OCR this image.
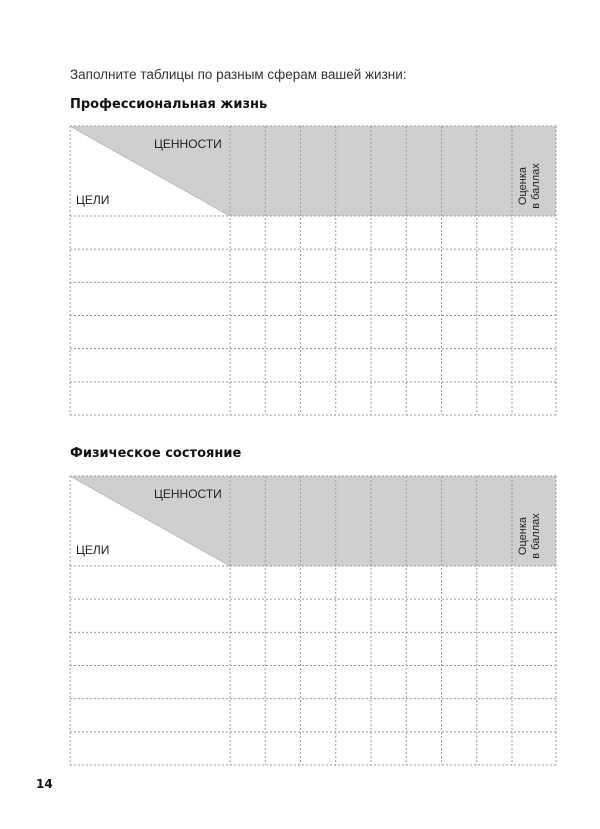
Заполните таблицы по разным сферам вашей жизни:
Профессиональная жизнь
ЦЕННОСТИ
ЦЕЛИ	Оценка в баллах
Физическое состояние
ЦЕННОСТИ
ЦЕЛИ	Оценка в баллах
14
